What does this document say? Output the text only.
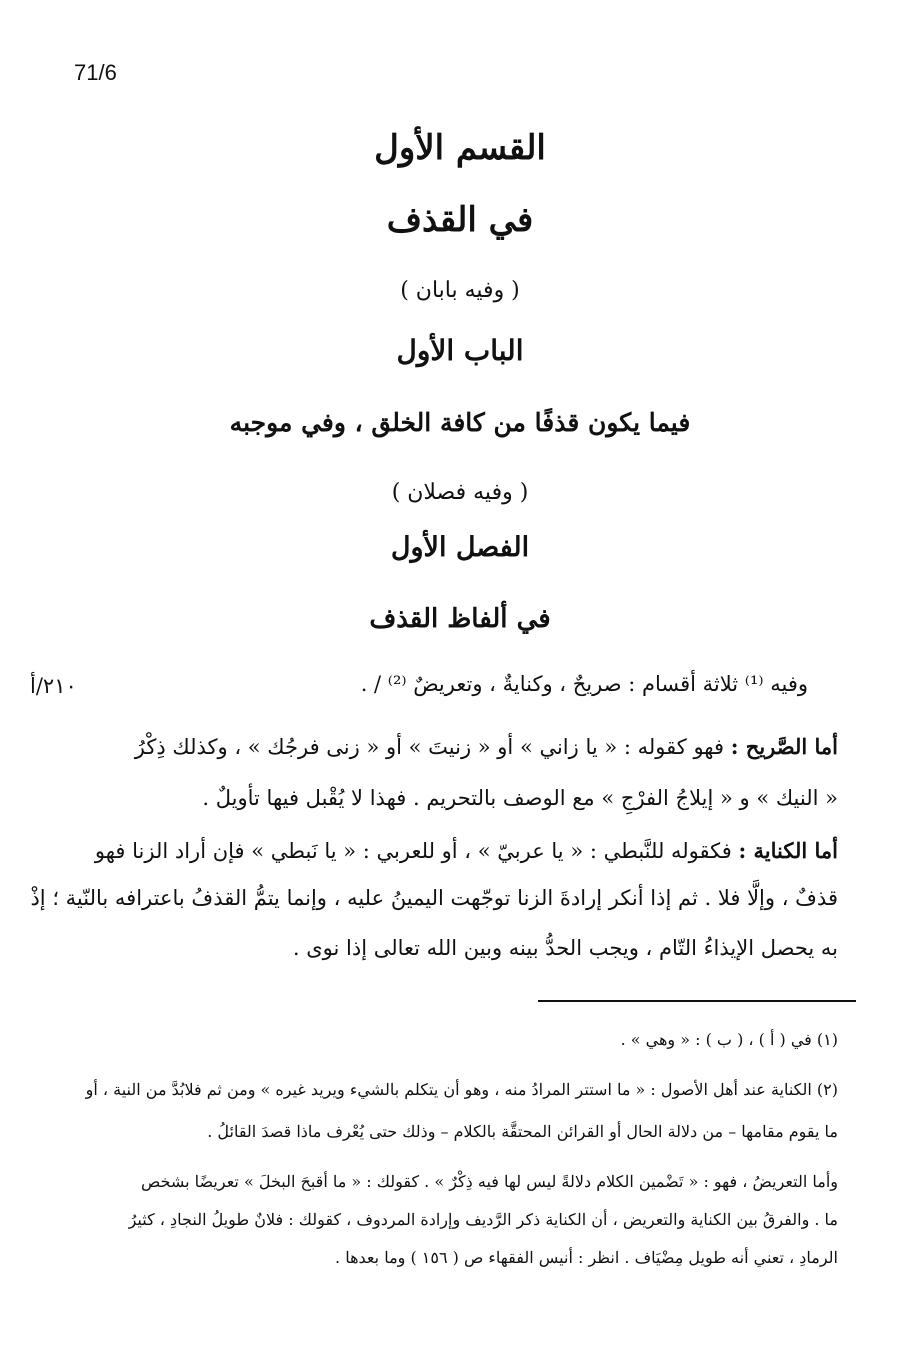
71/6
القسم الأول
في القذف
( وفيه بابان )
الباب الأول
فيما يكون قذفًا من كافة الخلق ، وفي موجبه
( وفيه فصلان )
الفصل الأول
في ألفاظ القذف
٢١٠/أ	وفيه ⁽¹⁾ ثلاثة أقسام : صريحٌ ، وكنايةٌ ، وتعريضٌ ⁽²⁾ / .
أما الصَّريح : فهو كقوله : « يا زاني » أو « زنيتَ » أو « زنى فرجُك » ، وكذلك ذِكْرُ
« النيك » و « إيلاجُ الفرْجِ » مع الوصف بالتحريم . فهذا لا يُقْبل فيها تأويلٌ .
أما الكناية : فكقوله للنَّبطي : « يا عربيّ » ، أو للعربي : « يا نَبطي » فإن أراد الزنا فهو
قذفٌ ، وإلَّا فلا . ثم إذا أنكر إرادةَ الزنا توجّهت اليمينُ عليه ، وإنما يتمُّ القذفُ باعترافه بالنّية ؛ إذْ
به يحصل الإيذاءُ التّام ، ويجب الحدُّ بينه وبين الله تعالى إذا نوى .
(١) في ( أ ) ، ( ب ) : « وهي » .
(٢) الكناية عند أهل الأصول : « ما استتر المرادُ منه ، وهو أن يتكلم بالشيء ويريد غيره » ومن ثم فلابُدَّ من النية ، أو
ما يقوم مقامها – من دلالة الحال أو القرائن المحتقَّة بالكلام – وذلك حتى يُعْرف ماذا قصدَ القائلُ .
وأما التعريضُ ، فهو : « تَضْمين الكلام دلالةً ليس لها فيه ذِكْرٌ » . كقولك : « ما أقبحَ البخلَ » تعريضًا بشخص
ما . والفرقُ بين الكناية والتعريض ، أن الكناية ذكر الرَّديف وإرادة المردوف ، كقولك : فلانٌ طويلُ النجادِ ، كثيرُ
الرمادِ ، تعني أنه طويل مِضْيَاف . انظر : أنيس الفقهاء ص ( ١٥٦ ) وما بعدها .
